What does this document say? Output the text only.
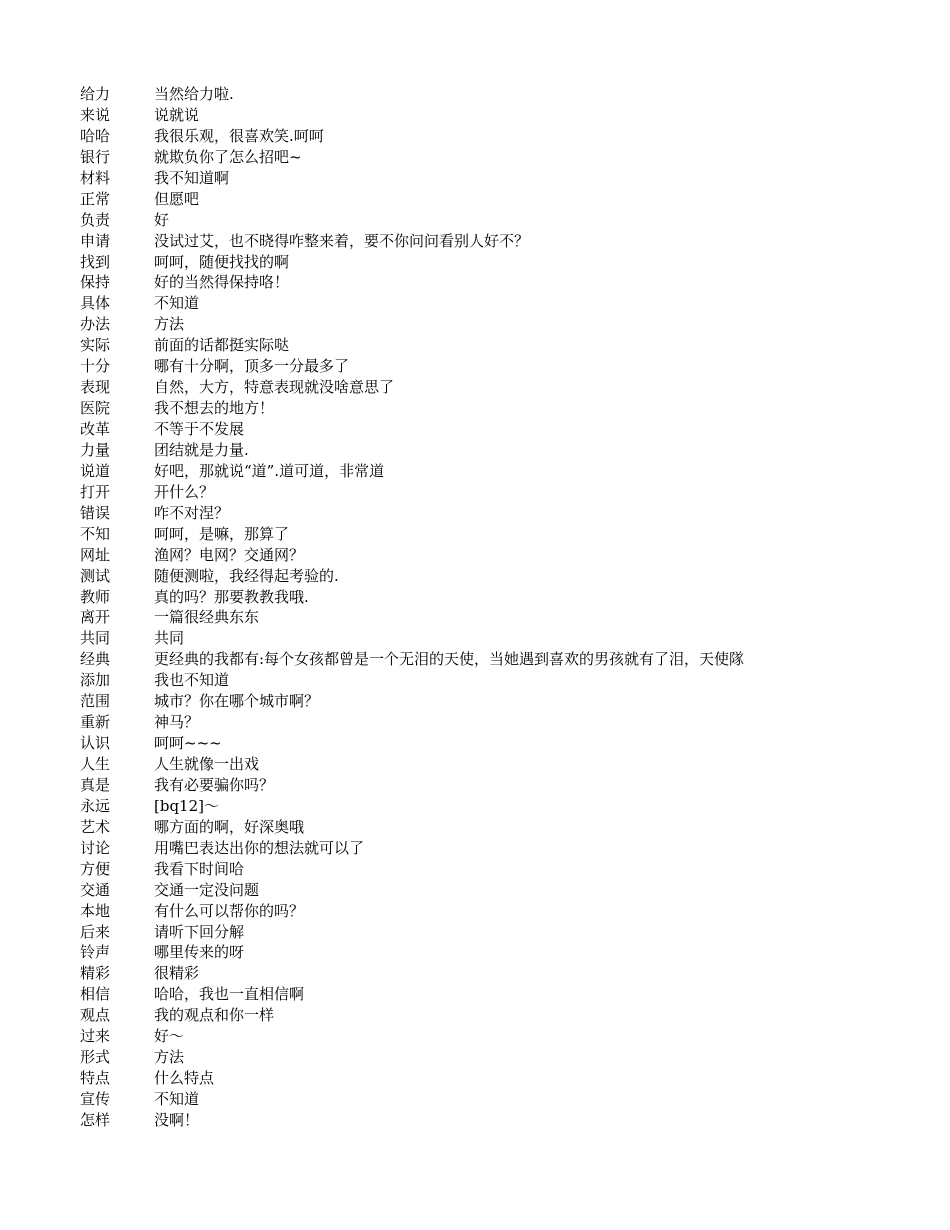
给力	当然给力啦.
来说	说就说
哈哈	我很乐观，很喜欢笑.呵呵
银行	就欺负你了怎么招吧~
材料	我不知道啊
正常	但愿吧
负责	好
申请	没试过艾，也不晓得咋整来着，要不你问问看别人好不？
找到	呵呵，随便找找的啊
保持	好的当然得保持咯！
具体	不知道
办法	方法
实际	前面的话都挺实际哒
十分	哪有十分啊，顶多一分最多了
表现	自然，大方，特意表现就没啥意思了
医院	我不想去的地方！
改革	不等于不发展
力量	团结就是力量.
说道	好吧，那就说“道”.道可道，非常道
打开	开什么？
错误	咋不对涅？
不知	呵呵，是嘛，那算了
网址	渔网？电网？交通网？
测试	随便测啦，我经得起考验的.
教师	真的吗？那要教教我哦.
离开	一篇很经典东东
共同	共同
经典	更经典的我都有:每个女孩都曾是一个无泪的天使，当她遇到喜欢的男孩就有了泪，天使隊
添加	我也不知道
范围	城市？你在哪个城市啊？
重新	神马？
认识	呵呵~~~
人生	人生就像一出戏
真是	我有必要骗你吗？
永远	[bq12]～
艺术	哪方面的啊，好深奥哦
讨论	用嘴巴表达出你的想法就可以了
方便	我看下时间哈
交通	交通一定没问题
本地	有什么可以帮你的吗？
后来	请听下回分解
铃声	哪里传来的呀
精彩	很精彩
相信	哈哈，我也一直相信啊
观点	我的观点和你一样
过来	好～
形式	方法
特点	什么特点
宣传	不知道
怎样	没啊！
